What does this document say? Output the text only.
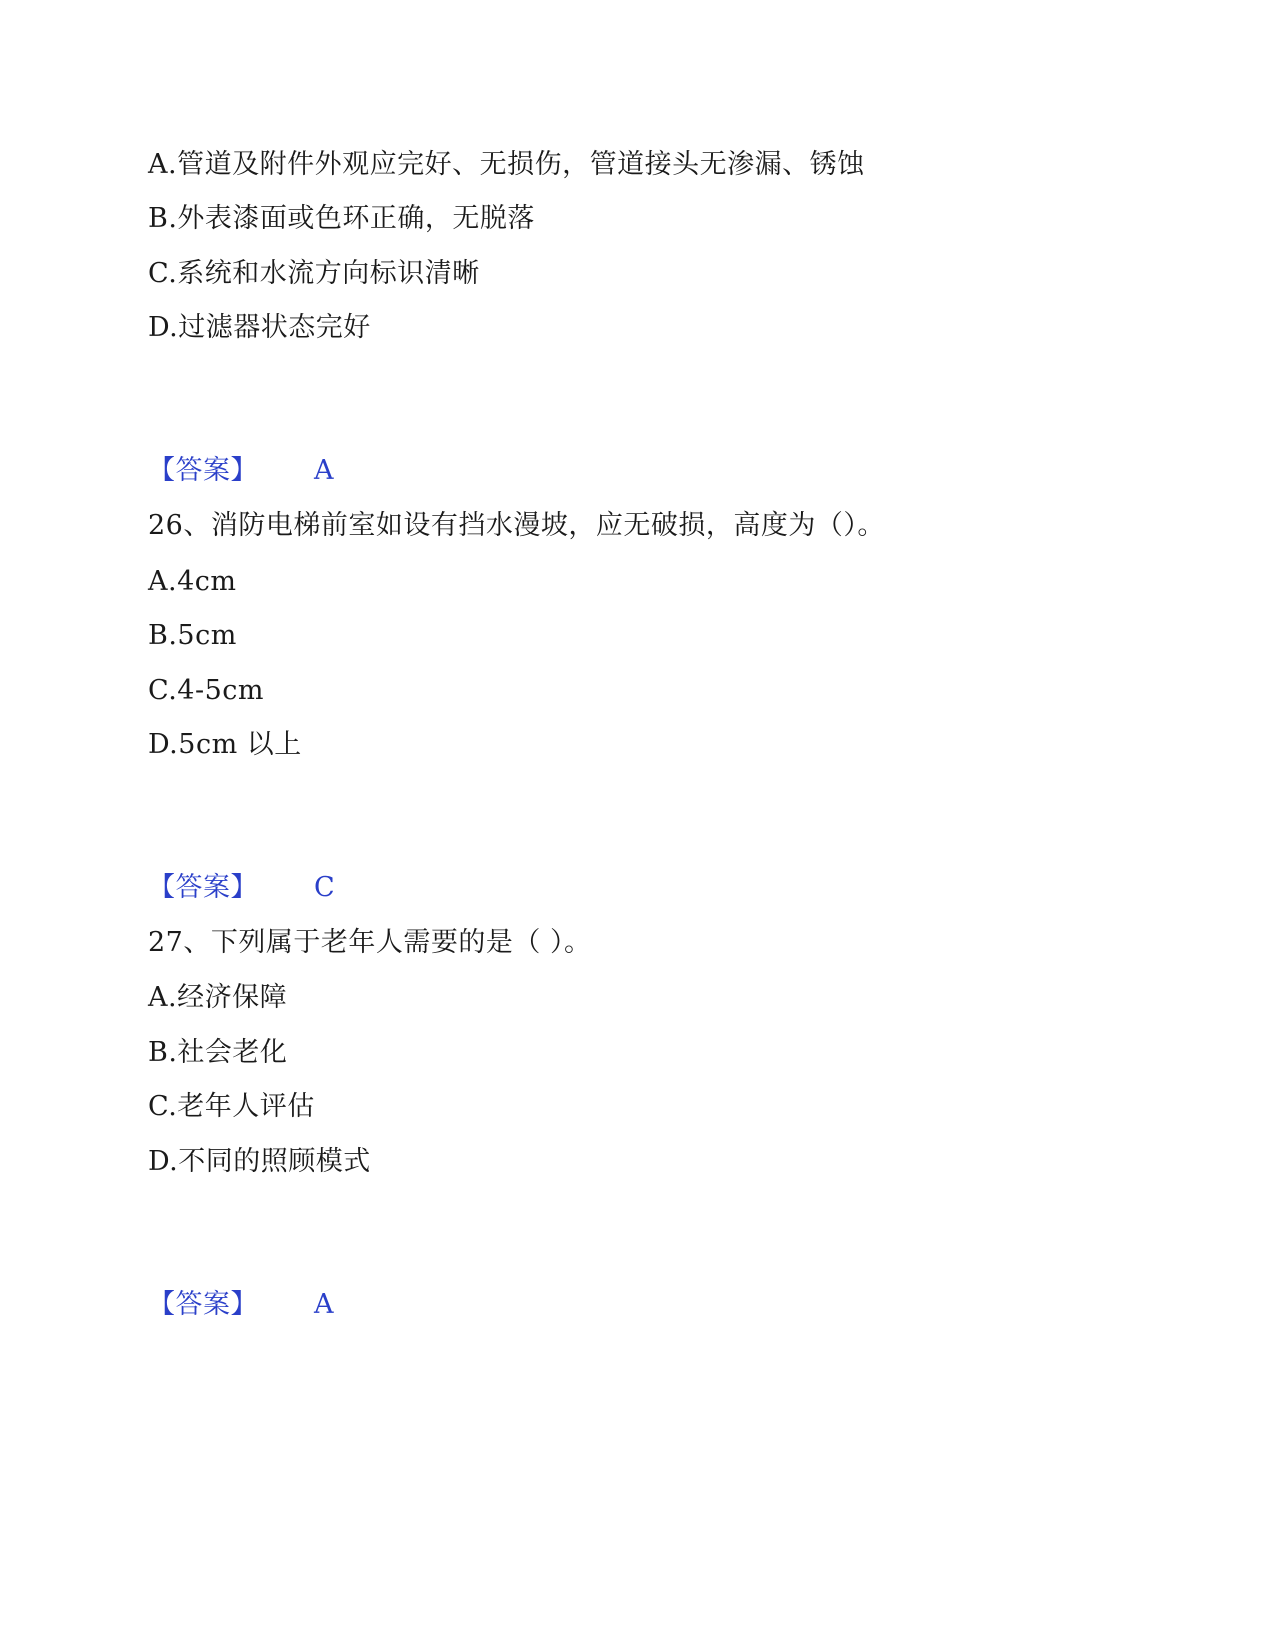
A.管道及附件外观应完好、无损伤，管道接头无渗漏、锈蚀
B.外表漆面或色环正确，无脱落
C.系统和水流方向标识清晰
D.过滤器状态完好
【答案】 A
26、消防电梯前室如设有挡水漫坡，应无破损，高度为（）。
A.4cm
B.5cm
C.4-5cm
D.5cm 以上
【答案】 C
27、下列属于老年人需要的是（ ）。
A.经济保障
B.社会老化
C.老年人评估
D.不同的照顾模式
【答案】 A
